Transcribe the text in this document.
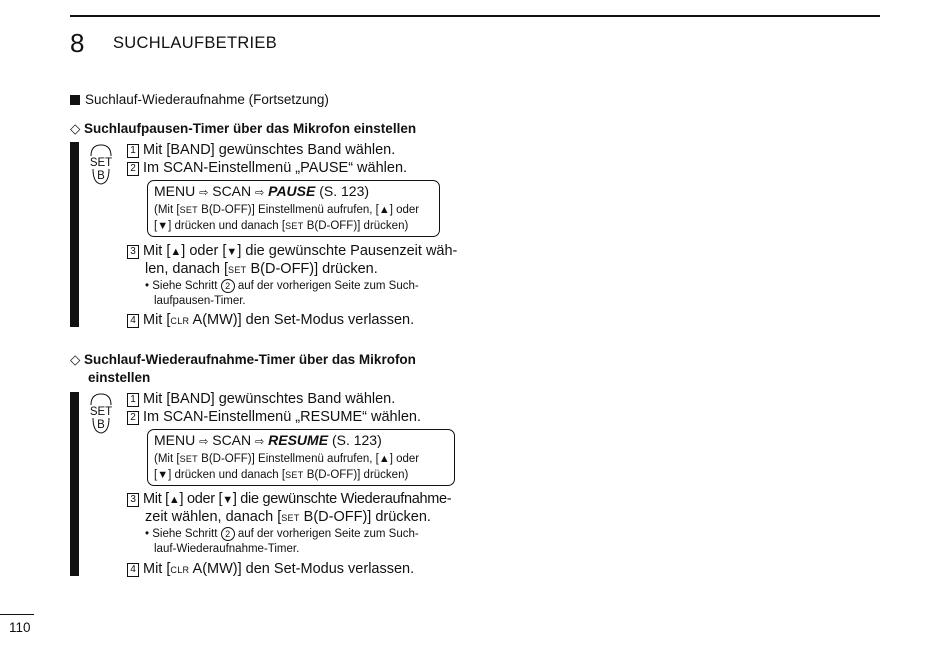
8 SUCHLAUFBETRIEB
Suchlauf-Wiederaufnahme (Fortsetzung)
◇ Suchlaufpausen-Timer über das Mikrofon einstellen
SET
B
1 Mit [BAND] gewünschtes Band wählen.
2 Im SCAN-Einstellmenü „PAUSE“ wählen.
MENU ⇨ SCAN ⇨ PAUSE (S. 123)
(Mit [SET B(D-OFF)] Einstellmenü aufrufen, [▲] oder
[▼] drücken und danach [SET B(D-OFF)] drücken)
3 Mit [▲] oder [▼] die gewünschte Pausenzeit wäh-
len, danach [SET B(D-OFF)] drücken.
• Siehe Schritt 2 auf der vorherigen Seite zum Such-
laufpausen-Timer.
4 Mit [CLR A(MW)] den Set-Modus verlassen.
◇ Suchlauf-Wiederaufnahme-Timer über das Mikrofon
einstellen
SET
B
1 Mit [BAND] gewünschtes Band wählen.
2 Im SCAN-Einstellmenü „RESUME“ wählen.
MENU ⇨ SCAN ⇨ RESUME (S. 123)
(Mit [SET B(D-OFF)] Einstellmenü aufrufen, [▲] oder
[▼] drücken und danach [SET B(D-OFF)] drücken)
3 Mit [▲] oder [▼] die gewünschte Wiederaufnahme-
zeit wählen, danach [SET B(D-OFF)] drücken.
• Siehe Schritt 2 auf der vorherigen Seite zum Such-
lauf-Wiederaufnahme-Timer.
4 Mit [CLR A(MW)] den Set-Modus verlassen.
110
